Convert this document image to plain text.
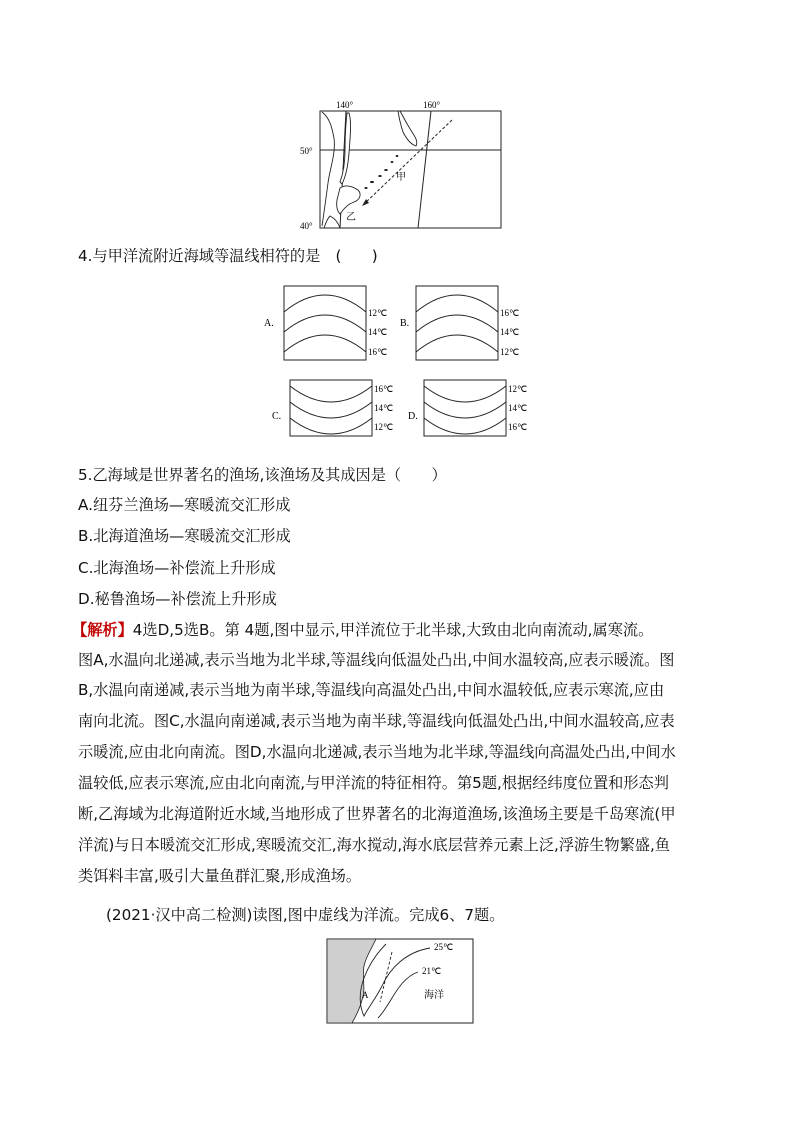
140°	160°
50°
40°
甲
乙
4.与甲洋流附近海域等温线相符的是　(　　)
A.
12℃
14℃
16℃
B.
16℃
14℃
12℃
C.
16℃
14℃
12℃
D.
12℃
14℃
16℃
5.乙海域是世界著名的渔场,该渔场及其成因是（　　）
A.纽芬兰渔场—寒暖流交汇形成
B.北海道渔场—寒暖流交汇形成
C.北海渔场—补偿流上升形成
D.秘鲁渔场—补偿流上升形成
【解析】4选D,5选B。第 4题,图中显示,甲洋流位于北半球,大致由北向南流动,属寒流。
图A,水温向北递减,表示当地为北半球,等温线向低温处凸出,中间水温较高,应表示暖流。图
B,水温向南递减,表示当地为南半球,等温线向高温处凸出,中间水温较低,应表示寒流,应由
南向北流。图C,水温向南递减,表示当地为南半球,等温线向低温处凸出,中间水温较高,应表
示暖流,应由北向南流。图D,水温向北递减,表示当地为北半球,等温线向高温处凸出,中间水
温较低,应表示寒流,应由北向南流,与甲洋流的特征相符。第5题,根据经纬度位置和形态判
断,乙海域为北海道附近水域,当地形成了世界著名的北海道渔场,该渔场主要是千岛寒流(甲
洋流)与日本暖流交汇形成,寒暖流交汇,海水搅动,海水底层营养元素上泛,浮游生物繁盛,鱼
类饵料丰富,吸引大量鱼群汇聚,形成渔场。
(2021·汉中高二检测)读图,图中虚线为洋流。完成6、7题。
25℃
21℃
A	海洋
